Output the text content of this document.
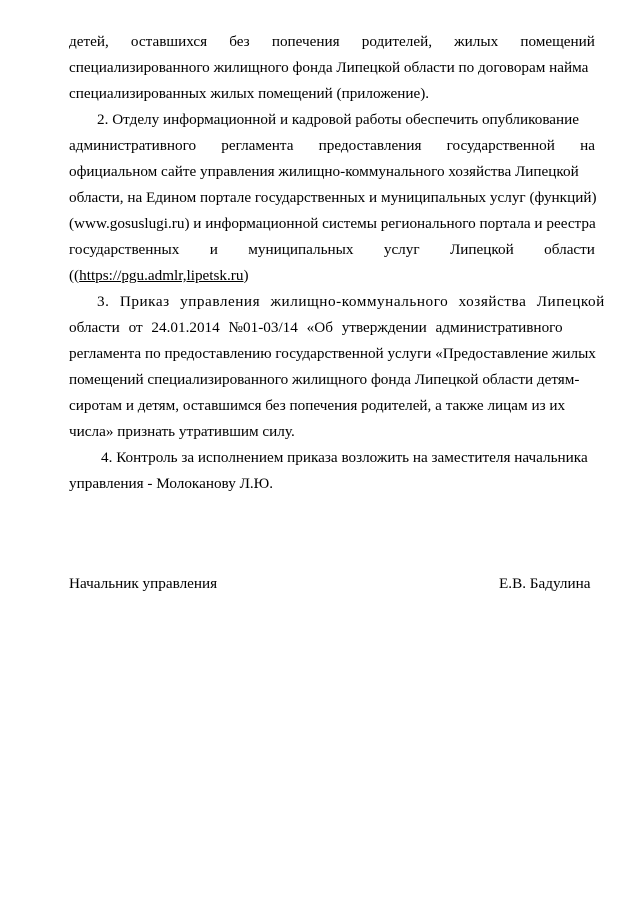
детей, оставшихся без попечения родителей, жилых помещений
специализированного жилищного фонда Липецкой области по договорам найма
специализированных жилых помещений (приложение).
2. Отделу информационной и кадровой работы обеспечить опубликование
административного регламента предоставления государственной на
официальном сайте управления жилищно-коммунального хозяйства Липецкой
области, на Едином портале государственных и муниципальных услуг (функций)
(www.gosuslugi.ru) и информационной системы регионального портала и реестра
государственных и муниципальных услуг Липецкой области
((https://pgu.admlr,lipetsk.ru)
3. Приказ управления жилищно-коммунального хозяйства Липецкой
области от 24.01.2014 №01-03/14 «Об утверждении административного
регламента по предоставлению государственной услуги «Предоставление жилых
помещений специализированного жилищного фонда Липецкой области детям-
сиротам и детям, оставшимся без попечения родителей, а также лицам из их
числа» признать утратившим силу.
4. Контроль за исполнением приказа возложить на заместителя начальника
управления - Молоканову Л.Ю.
Начальник управления	Е.В. Бадулина
